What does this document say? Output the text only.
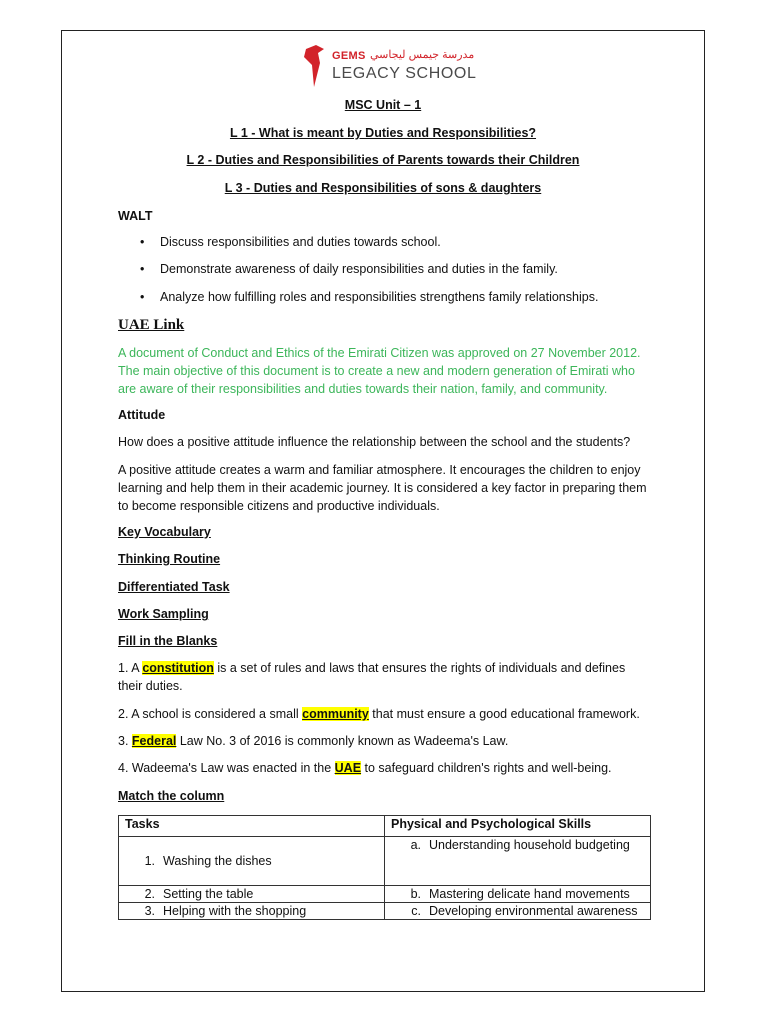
GEMS مدرسة جيمس ليجاسي
LEGACY SCHOOL
MSC Unit – 1
L 1 - What is meant by Duties and Responsibilities?
L 2 - Duties and Responsibilities of Parents towards their Children
L 3 - Duties and Responsibilities of sons & daughters
WALT
• Discuss responsibilities and duties towards school.
• Demonstrate awareness of daily responsibilities and duties in the family.
• Analyze how fulfilling roles and responsibilities strengthens family relationships.
UAE Link
A document of Conduct and Ethics of the Emirati Citizen was approved on 27 November 2012.
The main objective of this document is to create a new and modern generation of Emirati who
are aware of their responsibilities and duties towards their nation, family, and community.
Attitude
How does a positive attitude influence the relationship between the school and the students?
A positive attitude creates a warm and familiar atmosphere. It encourages the children to enjoy
learning and help them in their academic journey. It is considered a key factor in preparing them
to become responsible citizens and productive individuals.
Key Vocabulary
Thinking Routine
Differentiated Task
Work Sampling
Fill in the Blanks
1. A constitution is a set of rules and laws that ensures the rights of individuals and defines
their duties.
2. A school is considered a small community that must ensure a good educational framework.
3. Federal Law No. 3 of 2016 is commonly known as Wadeema's Law.
4. Wadeema's Law was enacted in the UAE to safeguard children's rights and well-being.
Match the column
Tasks	Physical and Psychological Skills
1. Washing the dishes	a. Understanding household budgeting
2. Setting the table	b. Mastering delicate hand movements
3. Helping with the shopping	c. Developing environmental awareness
